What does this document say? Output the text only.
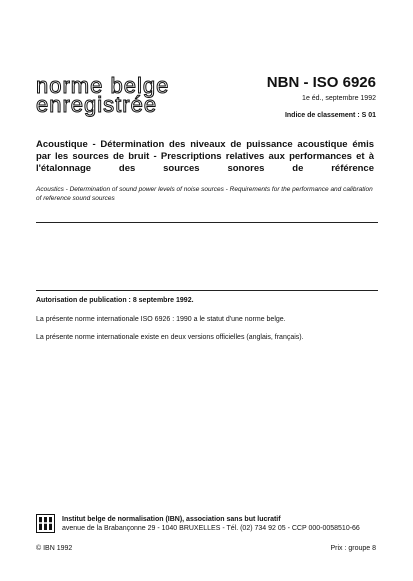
norme belge
enregistrée
NBN - ISO 6926
1e éd., septembre 1992
Indice de classement : S 01
Acoustique - Détermination des niveaux de puissance acoustique émis par les sources de bruit - Prescriptions relatives aux performances et à l'étalonnage des sources sonores de référence
Acoustics - Determination of sound power levels of noise sources - Requirements for the performance and calibration of reference sound sources
Autorisation de publication : 8 septembre 1992.
La présente norme internationale ISO 6926 : 1990 a le statut d'une norme belge.
La présente norme internationale existe en deux versions officielles (anglais, français).
Institut belge de normalisation (IBN), association sans but lucratif
avenue de la Brabançonne 29 - 1040 BRUXELLES - Tél. (02) 734 92 05 - CCP 000-0058510-66
© IBN 1992	Prix : groupe 8
